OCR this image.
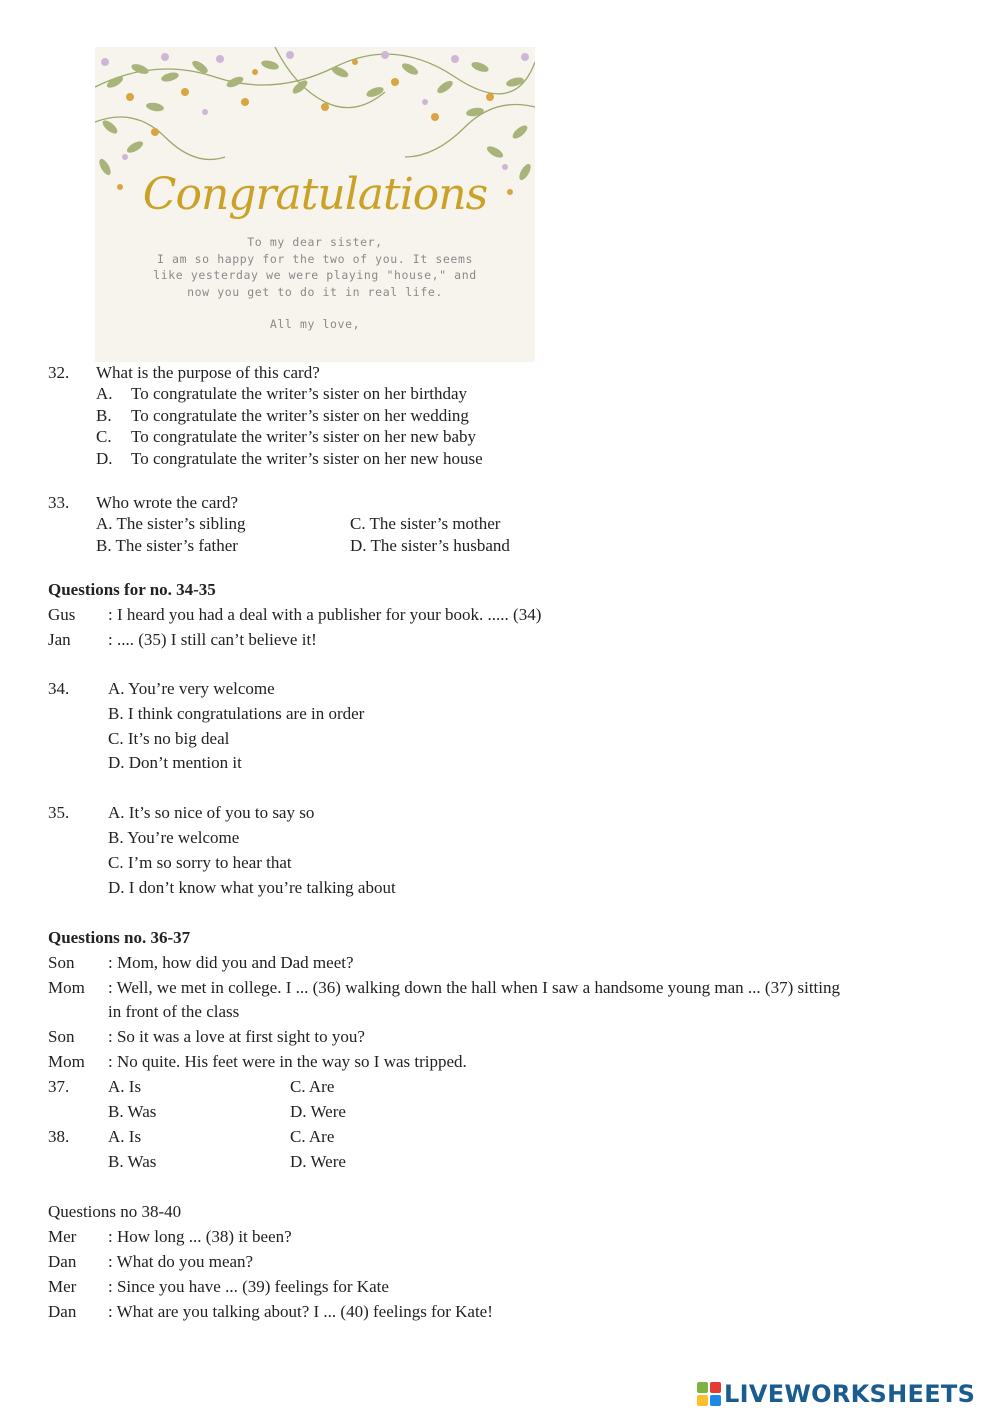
Congratulations
To my dear sister,
I am so happy for the two of you. It seems
like yesterday we were playing "house," and
now you get to do it in real life.
All my love,
32. What is the purpose of this card?
A. To congratulate the writer’s sister on her birthday
B. To congratulate the writer’s sister on her wedding
C. To congratulate the writer’s sister on her new baby
D. To congratulate the writer’s sister on her new house
33. Who wrote the card?
A. The sister’s sibling	C. The sister’s mother
B. The sister’s father	D. The sister’s husband
Questions for no. 34-35
Gus : I heard you had a deal with a publisher for your book. ..... (34)
Jan : .... (35) I still can’t believe it!
34. A. You’re very welcome
B. I think congratulations are in order
C. It’s no big deal
D. Don’t mention it
35. A. It’s so nice of you to say so
B. You’re welcome
C. I’m so sorry to hear that
D. I don’t know what you’re talking about
Questions no. 36-37
Son : Mom, how did you and Dad meet?
Mom : Well, we met in college. I ... (36) walking down the hall when I saw a handsome young man ... (37) sitting
in front of the class
Son : So it was a love at first sight to you?
Mom : No quite. His feet were in the way so I was tripped.
37. A. Is	C. Are
B. Was	D. Were
38. A. Is	C. Are
B. Was	D. Were
Questions no 38-40
Mer : How long ... (38) it been?
Dan : What do you mean?
Mer : Since you have ... (39) feelings for Kate
Dan : What are you talking about? I ... (40) feelings for Kate!
LIVEWORKSHEETS
